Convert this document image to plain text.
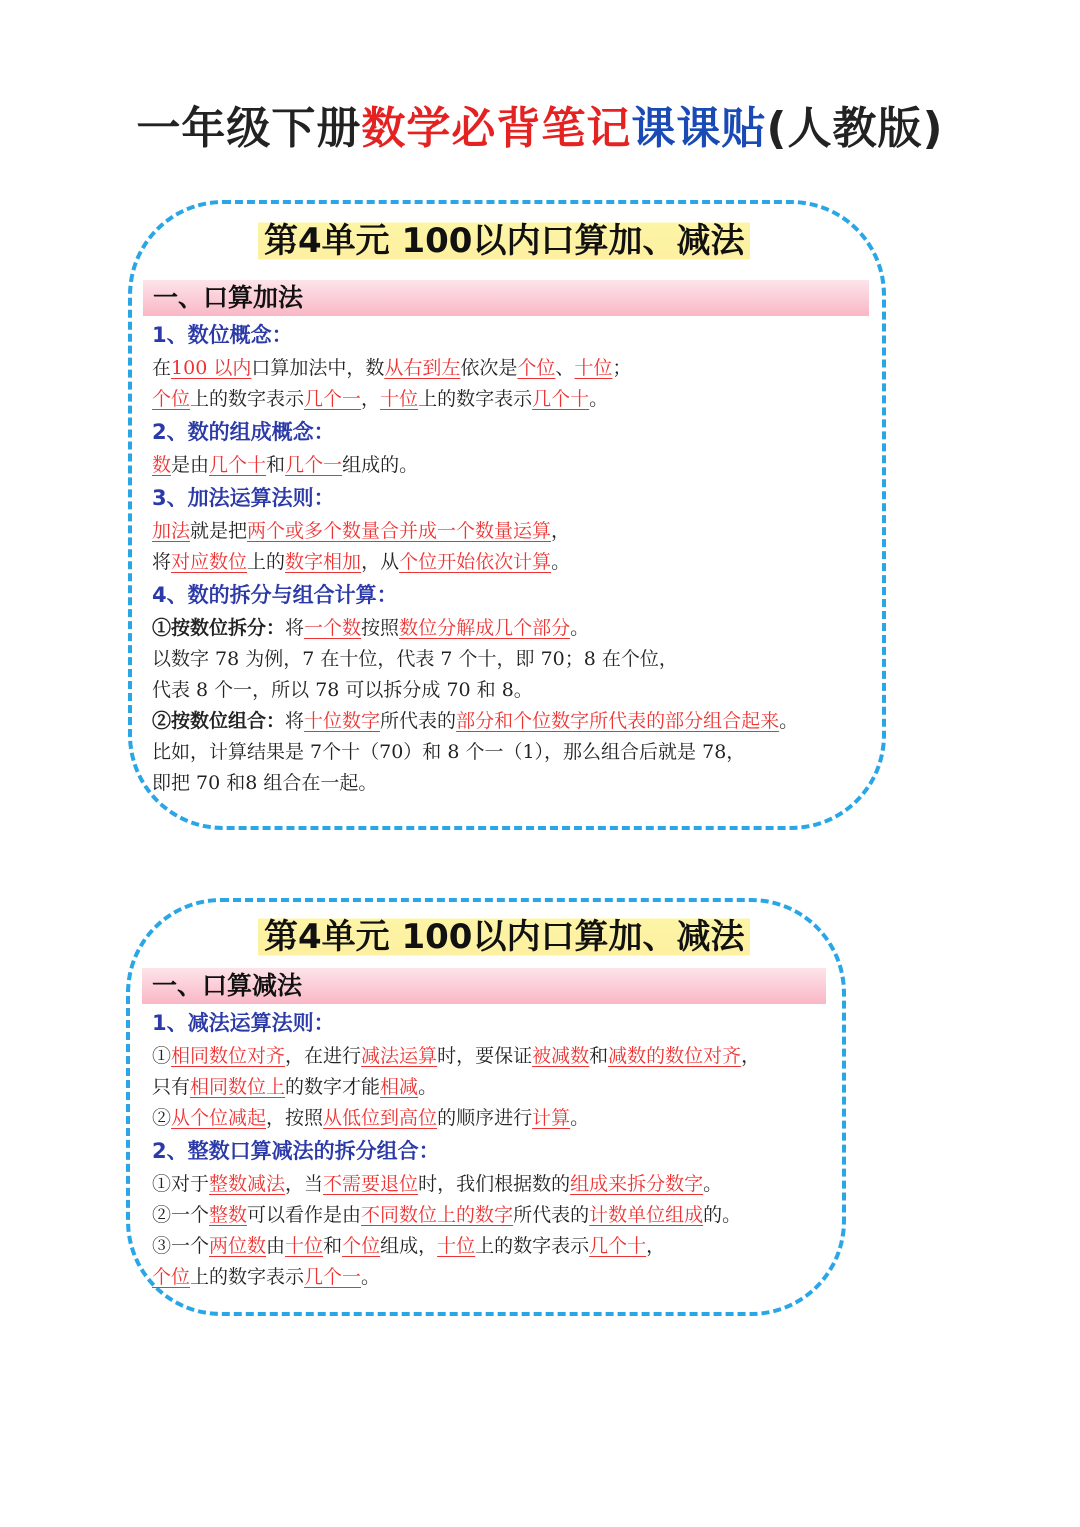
一年级下册数学必背笔记课课贴(人教版)
第4单元 100以内口算加、减法
一、口算加法
1、数位概念：
在100 以内口算加法中，数从右到左依次是个位、十位；
个位上的数字表示几个一，十位上的数字表示几个十。
2、数的组成概念：
数是由几个十和几个一组成的。
3、加法运算法则：
加法就是把两个或多个数量合并成一个数量运算，
将对应数位上的数字相加，从个位开始依次计算。
4、数的拆分与组合计算：
①按数位拆分：将一个数按照数位分解成几个部分。
以数字 78 为例，7 在十位，代表 7 个十，即 70；8 在个位，
代表 8 个一，所以 78 可以拆分成 70 和 8。
②按数位组合：将十位数字所代表的部分和个位数字所代表的部分组合起来。
比如，计算结果是 7个十（70）和 8 个一（1），那么组合后就是 78，
即把 70 和8 组合在一起。
第4单元 100以内口算加、减法
一、口算减法
1、减法运算法则：
①相同数位对齐，在进行减法运算时，要保证被减数和减数的数位对齐，
只有相同数位上的数字才能相减。
②从个位减起，按照从低位到高位的顺序进行计算。
2、整数口算减法的拆分组合：
①对于整数减法，当不需要退位时，我们根据数的组成来拆分数字。
②一个整数可以看作是由不同数位上的数字所代表的计数单位组成的。
③一个两位数由十位和个位组成，十位上的数字表示几个十，
个位上的数字表示几个一。
